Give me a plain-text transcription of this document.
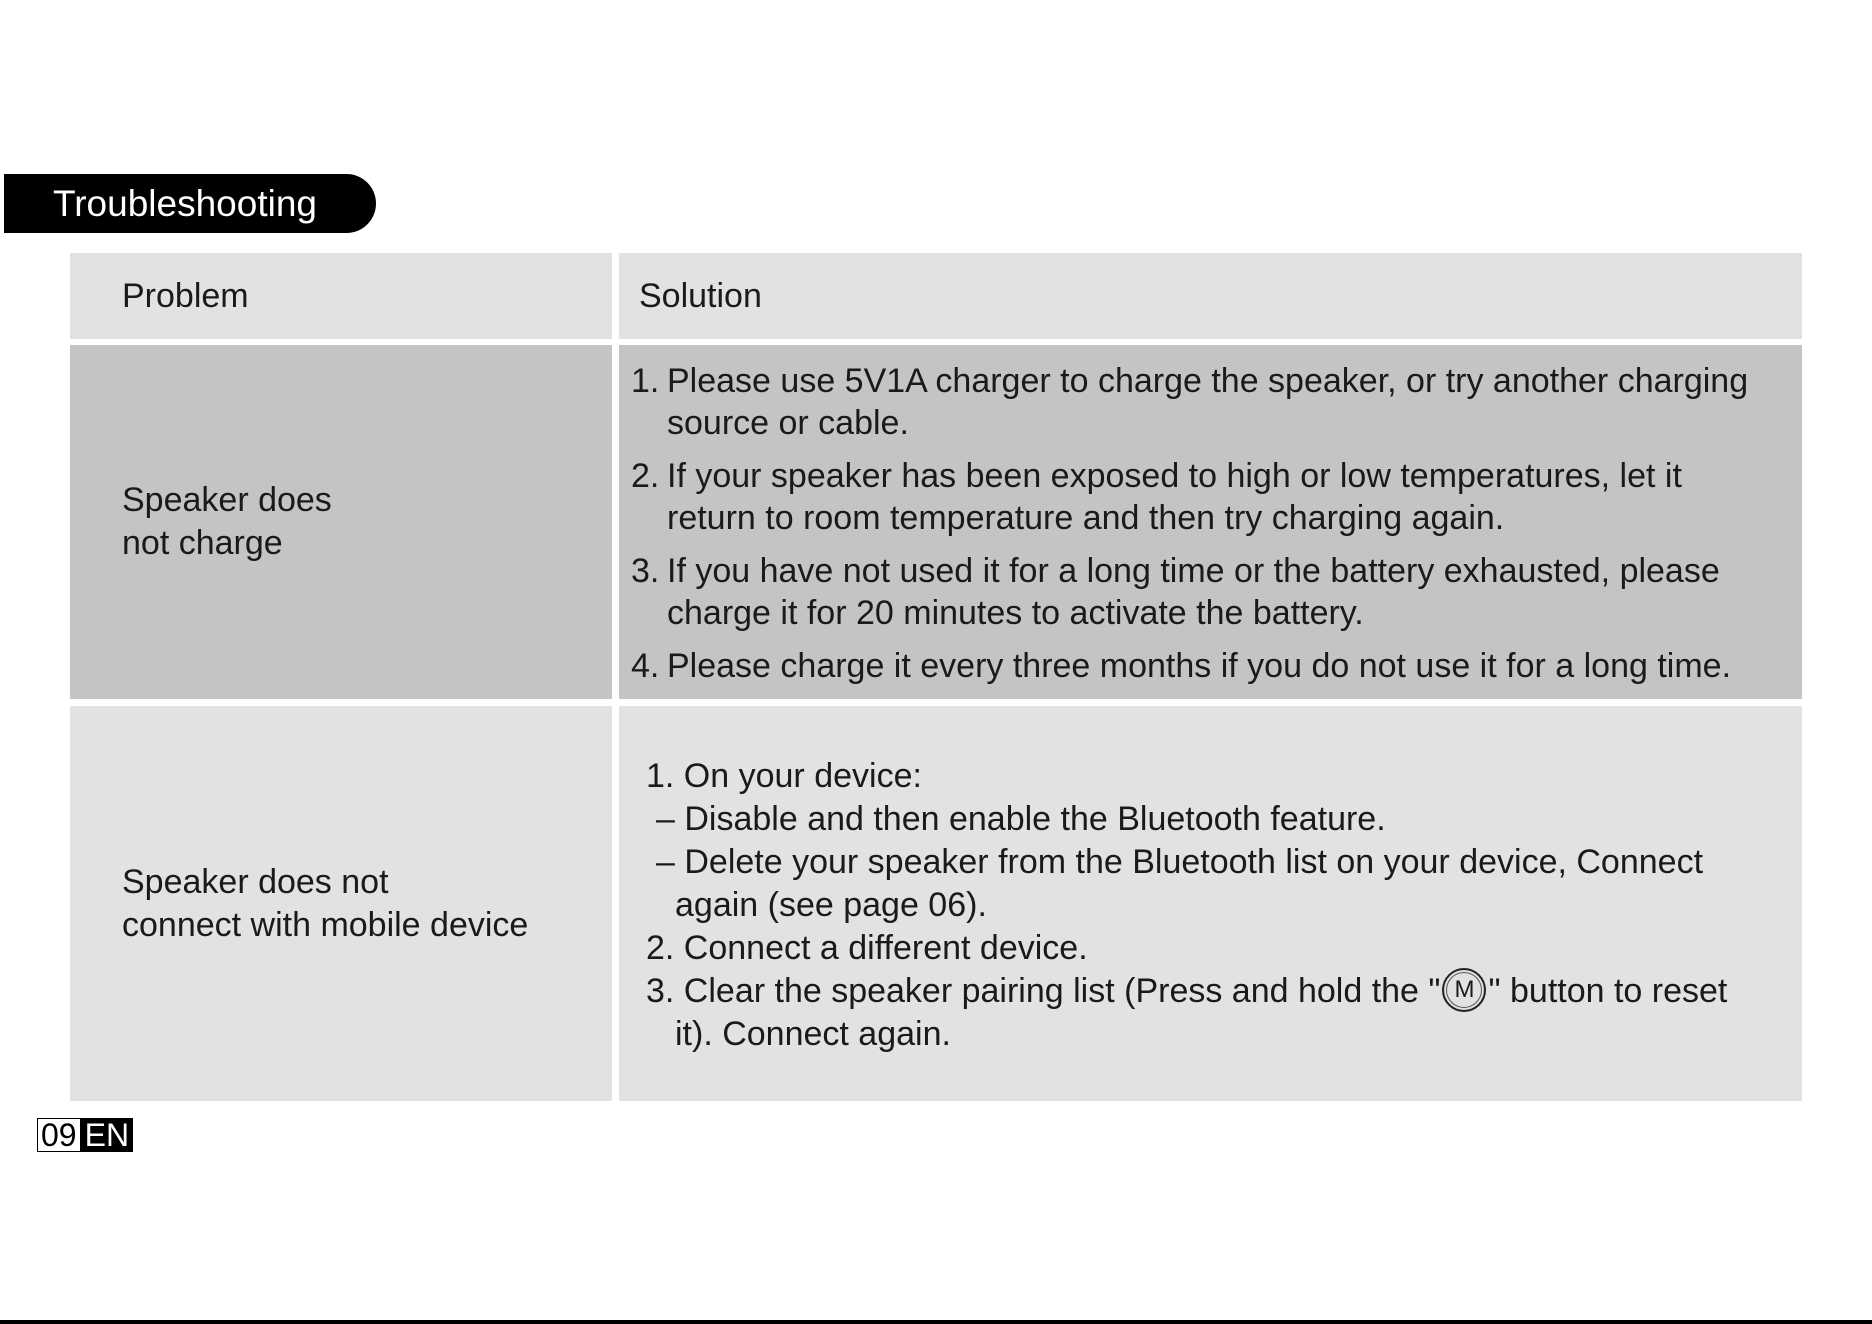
Troubleshooting
Problem	Solution
Speaker does
not charge
1. Please use 5V1A charger to charge the speaker, or try another charging
source or cable.
2. If your speaker has been exposed to high or low temperatures, let it
return to room temperature and then try charging again.
3. If you have not used it for a long time or the battery exhausted, please
charge it for 20 minutes to activate the battery.
4. Please charge it every three months if you do not use it for a long time.
Speaker does not
connect with mobile device
1. On your device:
– Disable and then enable the Bluetooth feature.
– Delete your speaker from the Bluetooth list on your device, Connect
again (see page 06).
2. Connect a different device.
3. Clear the speaker pairing list (Press and hold the " M " button to reset
it). Connect again.
09 EN
